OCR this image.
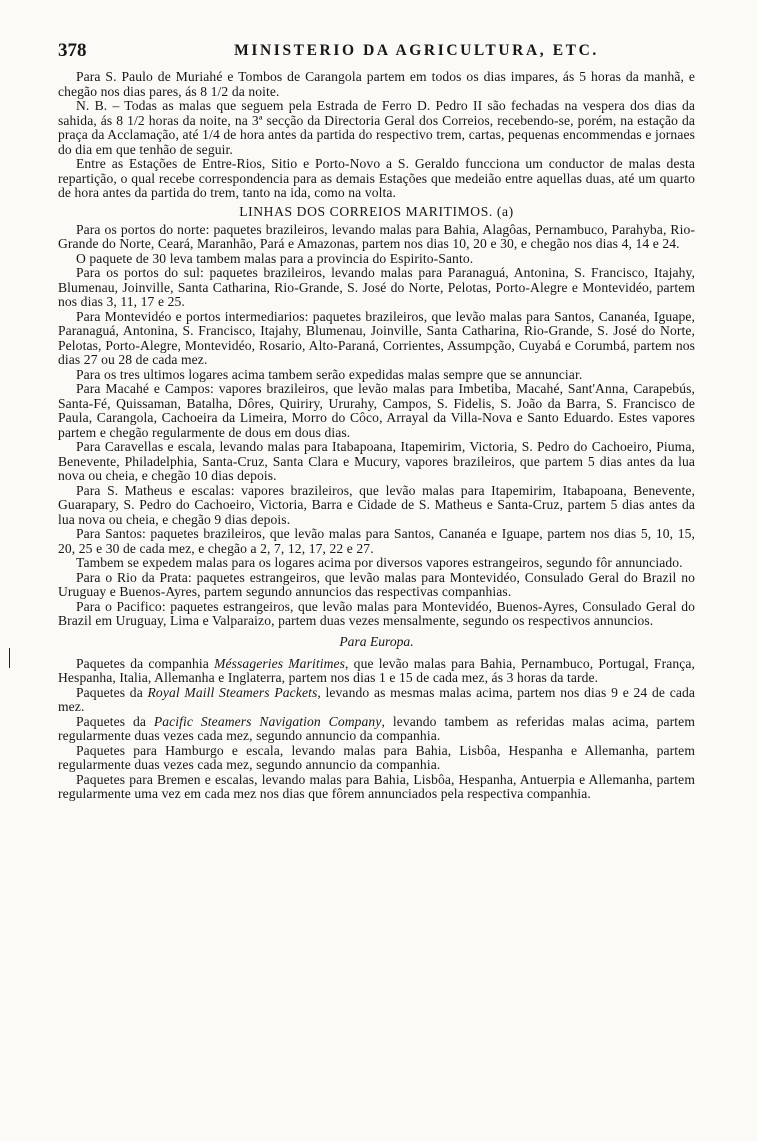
378	MINISTERIO DA AGRICULTURA, ETC.

Para S. Paulo de Muriahé e Tombos de Carangola partem em todos os dias impares, ás 5 horas da manhã, e chegão nos dias pares, ás 8 1/2 da noite.

N. B. – Todas as malas que seguem pela Estrada de Ferro D. Pedro II são fechadas na vespera dos dias da sahida, ás 8 1/2 horas da noite, na 3ª secção da Directoria Geral dos Correios, recebendo-se, porém, na estação da praça da Acclamação, até 1/4 de hora antes da partida do respectivo trem, cartas, pequenas encommendas e jornaes do dia em que tenhão de seguir.

Entre as Estações de Entre-Rios, Sitio e Porto-Novo a S. Geraldo funcciona um conductor de malas desta repartição, o qual recebe correspondencia para as demais Estações que medeião entre aquellas duas, até um quarto de hora antes da partida do trem, tanto na ida, como na volta.

LINHAS DOS CORREIOS MARITIMOS. (a)

Para os portos do norte: paquetes brazileiros, levando malas para Bahia, Alagôas, Pernambuco, Parahyba, Rio-Grande do Norte, Ceará, Maranhão, Pará e Amazonas, partem nos dias 10, 20 e 30, e chegão nos dias 4, 14 e 24.

O paquete de 30 leva tambem malas para a provincia do Espirito-Santo.

Para os portos do sul: paquetes brazileiros, levando malas para Paranaguá, Antonina, S. Francisco, Itajahy, Blumenau, Joinville, Santa Catharina, Rio-Grande, S. José do Norte, Pelotas, Porto-Alegre e Montevidéo, partem nos dias 3, 11, 17 e 25.

Para Montevidéo e portos intermediarios: paquetes brazileiros, que levão malas para Santos, Cananéa, Iguape, Paranaguá, Antonina, S. Francisco, Itajahy, Blumenau, Joinville, Santa Catharina, Rio-Grande, S. José do Norte, Pelotas, Porto-Alegre, Montevidéo, Rosario, Alto-Paraná, Corrientes, Assumpção, Cuyabá e Corumbá, partem nos dias 27 ou 28 de cada mez.

Para os tres ultimos logares acima tambem serão expedidas malas sempre que se annunciar.

Para Macahé e Campos: vapores brazileiros, que levão malas para Imbetiba, Macahé, Sant'Anna, Carapebús, Santa-Fé, Quissaman, Batalha, Dôres, Quiriry, Ururahy, Campos, S. Fidelis, S. João da Barra, S. Francisco de Paula, Carangola, Cachoeira da Limeira, Morro do Côco, Arrayal da Villa-Nova e Santo Eduardo. Estes vapores partem e chegão regularmente de dous em dous dias.

Para Caravellas e escala, levando malas para Itabapoana, Itapemirim, Victoria, S. Pedro do Cachoeiro, Piuma, Benevente, Philadelphia, Santa-Cruz, Santa Clara e Mucury, vapores brazileiros, que partem 5 dias antes da lua nova ou cheia, e chegão 10 dias depois.

Para S. Matheus e escalas: vapores brazileiros, que levão malas para Itapemirim, Itabapoana, Benevente, Guarapary, S. Pedro do Cachoeiro, Victoria, Barra e Cidade de S. Matheus e Santa-Cruz, partem 5 dias antes da lua nova ou cheia, e chegão 9 dias depois.

Para Santos: paquetes brazileiros, que levão malas para Santos, Cananéa e Iguape, partem nos dias 5, 10, 15, 20, 25 e 30 de cada mez, e chegão a 2, 7, 12, 17, 22 e 27.

Tambem se expedem malas para os logares acima por diversos vapores estrangeiros, segundo fôr annunciado.

Para o Rio da Prata: paquetes estrangeiros, que levão malas para Montevidéo, Consulado Geral do Brazil no Uruguay e Buenos-Ayres, partem segundo annuncios das respectivas companhias.

Para o Pacifico: paquetes estrangeiros, que levão malas para Montevidéo, Buenos-Ayres, Consulado Geral do Brazil em Uruguay, Lima e Valparaizo, partem duas vezes mensalmente, segundo os respectivos annuncios.

Para Europa.

Paquetes da companhia Méssageries Maritimes, que levão malas para Bahia, Pernambuco, Portugal, França, Hespanha, Italia, Allemanha e Inglaterra, partem nos dias 1 e 15 de cada mez, ás 3 horas da tarde.

Paquetes da Royal Maill Steamers Packets, levando as mesmas malas acima, partem nos dias 9 e 24 de cada mez.

Paquetes da Pacific Steamers Navigation Company, levando tambem as referidas malas acima, partem regularmente duas vezes cada mez, segundo annuncio da companhia.

Paquetes para Hamburgo e escala, levando malas para Bahia, Lisbôa, Hespanha e Allemanha, partem regularmente duas vezes cada mez, segundo annuncio da companhia.

Paquetes para Bremen e escalas, levando malas para Bahia, Lisbôa, Hespanha, Antuerpia e Allemanha, partem regularmente uma vez em cada mez nos dias que fôrem annunciados pela respectiva companhia.
